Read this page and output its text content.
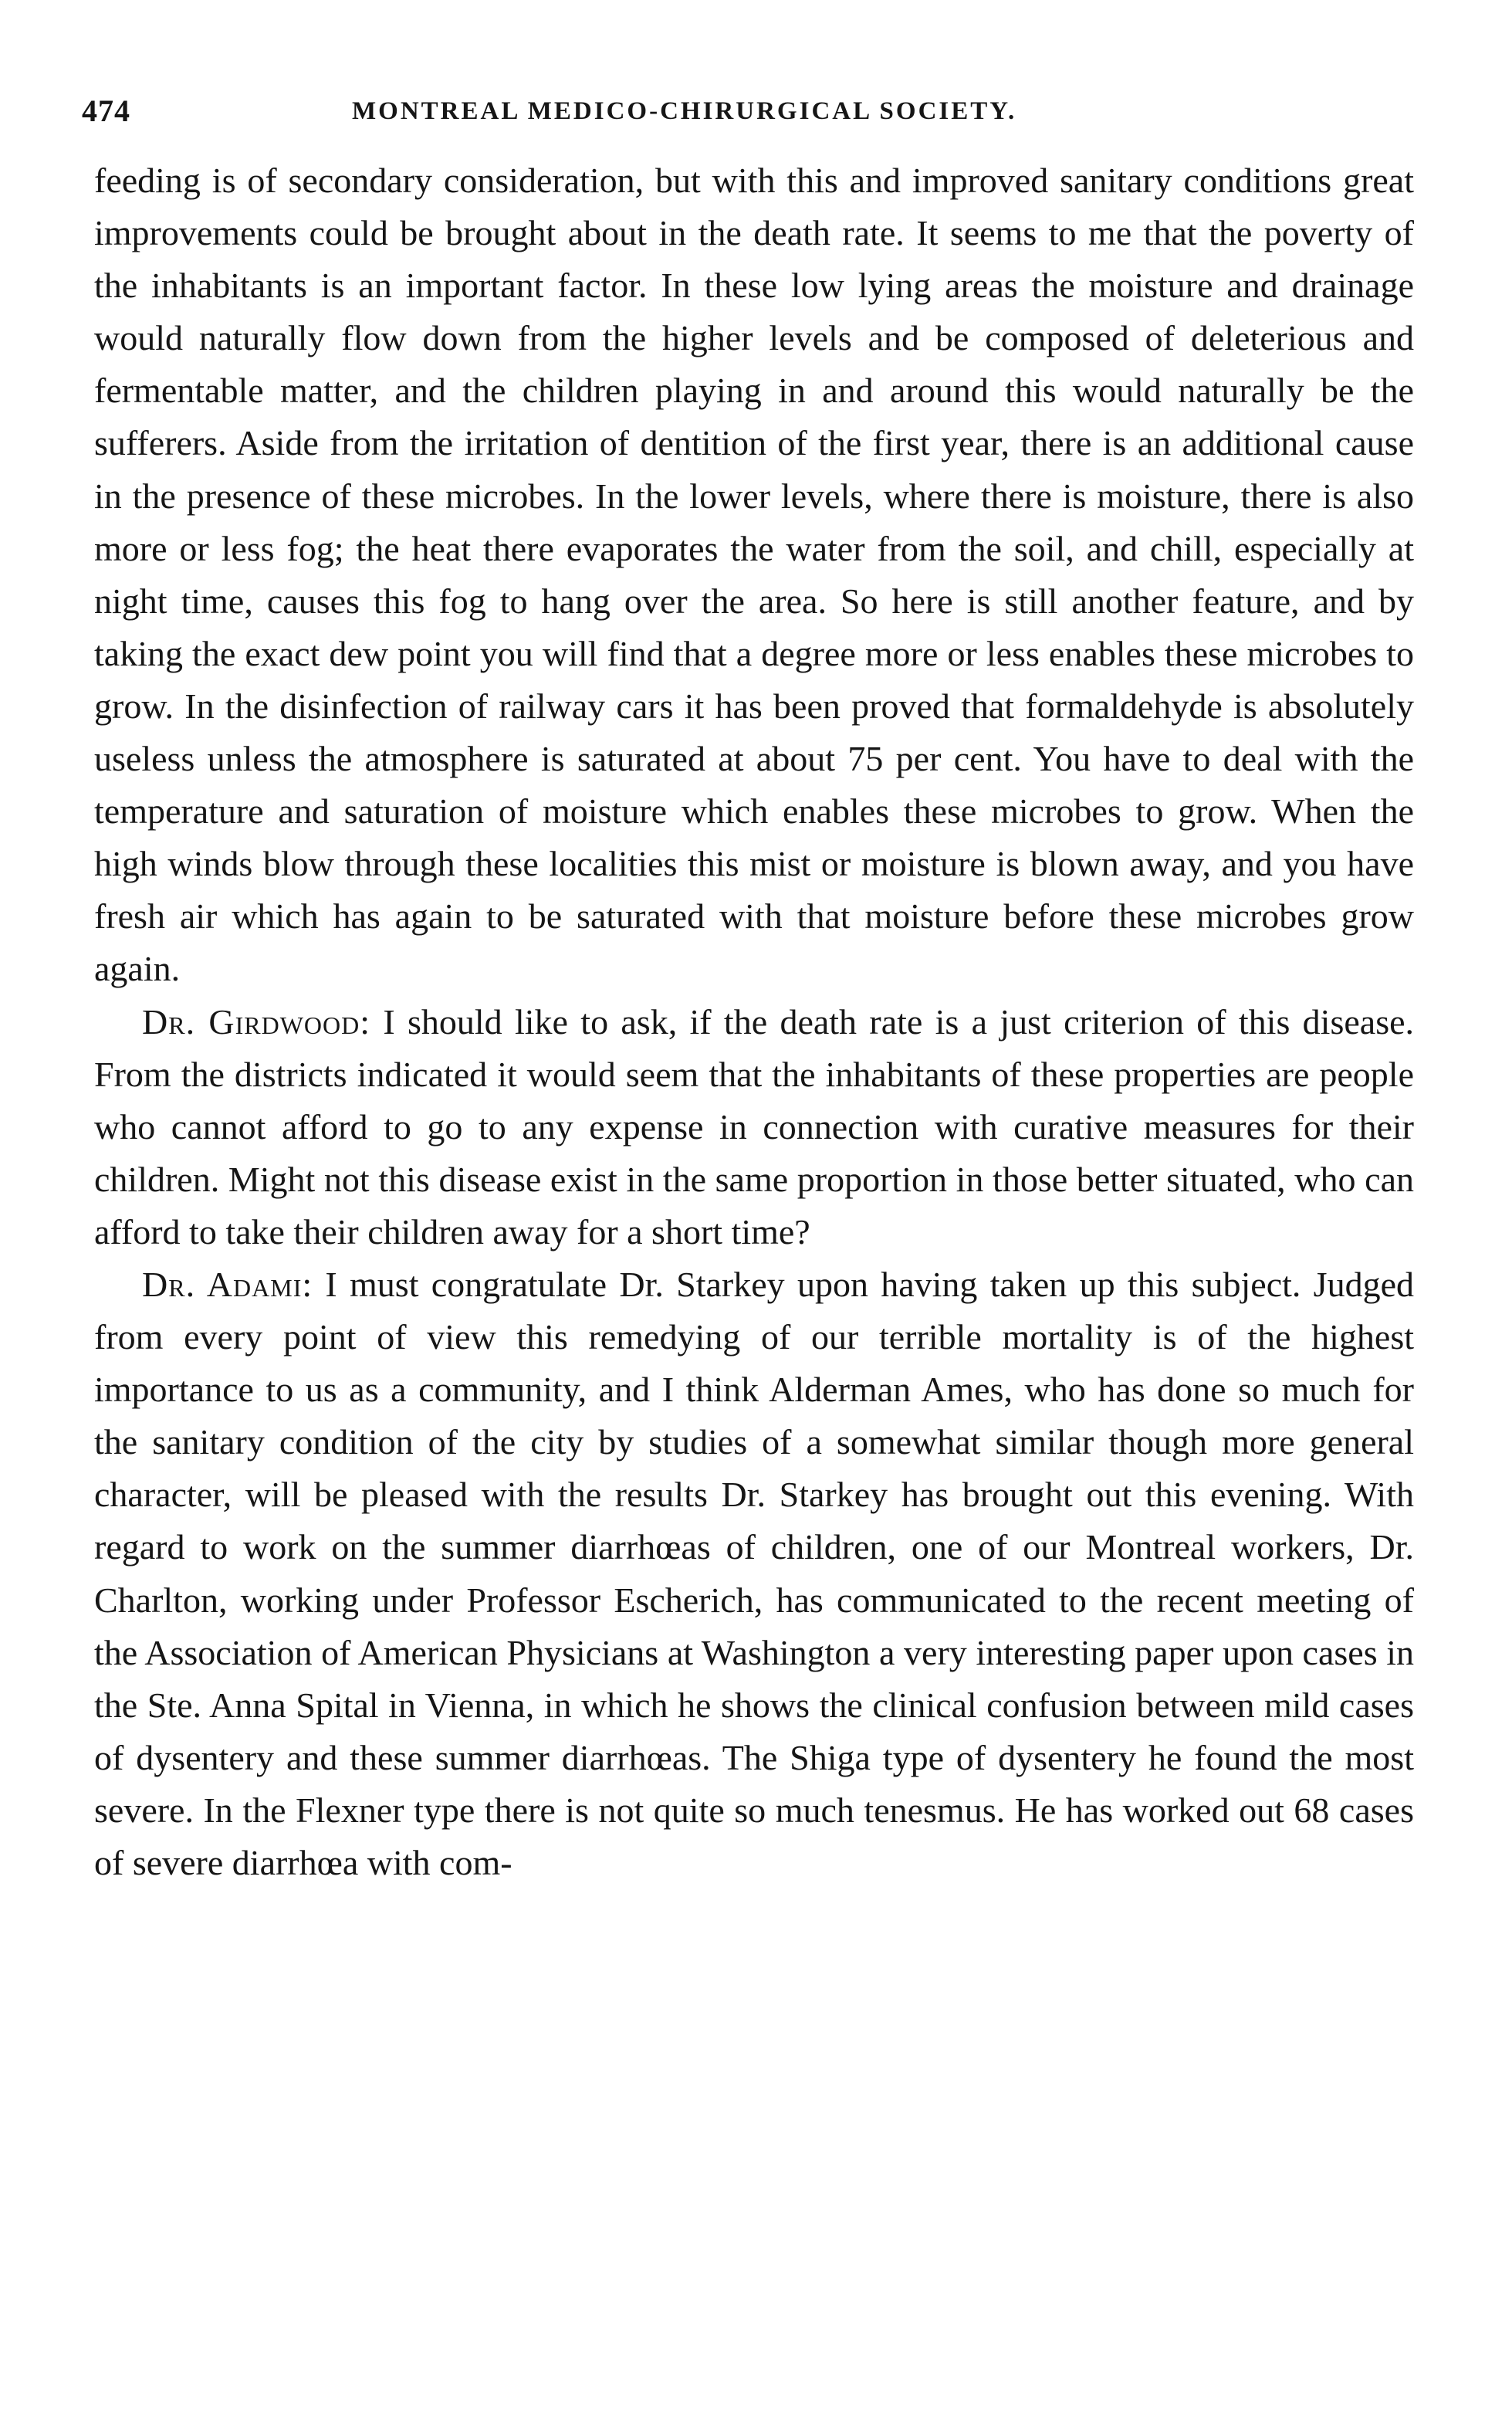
474	MONTREAL MEDICO-CHIRURGICAL SOCIETY.

feeding is of secondary consideration, but with this and improved sanitary conditions great improvements could be brought about in the death rate. It seems to me that the poverty of the inhabitants is an important factor. In these low lying areas the moisture and drainage would naturally flow down from the higher levels and be composed of deleterious and fermentable matter, and the children playing in and around this would naturally be the sufferers. Aside from the irritation of dentition of the first year, there is an additional cause in the presence of these microbes. In the lower levels, where there is moisture, there is also more or less fog; the heat there evaporates the water from the soil, and chill, especially at night time, causes this fog to hang over the area. So here is still another feature, and by taking the exact dew point you will find that a degree more or less enables these microbes to grow. In the disinfection of railway cars it has been proved that formaldehyde is absolutely useless unless the atmosphere is saturated at about 75 per cent. You have to deal with the temperature and saturation of moisture which enables these microbes to grow. When the high winds blow through these localities this mist or moisture is blown away, and you have fresh air which has again to be saturated with that moisture before these microbes grow again.

Dr. Girdwood: I should like to ask, if the death rate is a just criterion of this disease. From the districts indicated it would seem that the inhabitants of these properties are people who cannot afford to go to any expense in connection with curative measures for their children. Might not this disease exist in the same proportion in those better situated, who can afford to take their children away for a short time?

Dr. Adami: I must congratulate Dr. Starkey upon having taken up this subject. Judged from every point of view this remedying of our terrible mortality is of the highest importance to us as a community, and I think Alderman Ames, who has done so much for the sanitary condition of the city by studies of a somewhat similar though more general character, will be pleased with the results Dr. Starkey has brought out this evening. With regard to work on the summer diarrhœas of children, one of our Montreal workers, Dr. Charlton, working under Professor Escherich, has communicated to the recent meeting of the Association of American Physicians at Washington a very interesting paper upon cases in the Ste. Anna Spital in Vienna, in which he shows the clinical confusion between mild cases of dysentery and these summer diarrhœas. The Shiga type of dysentery he found the most severe. In the Flexner type there is not quite so much tenesmus. He has worked out 68 cases of severe diarrhœa with com-
